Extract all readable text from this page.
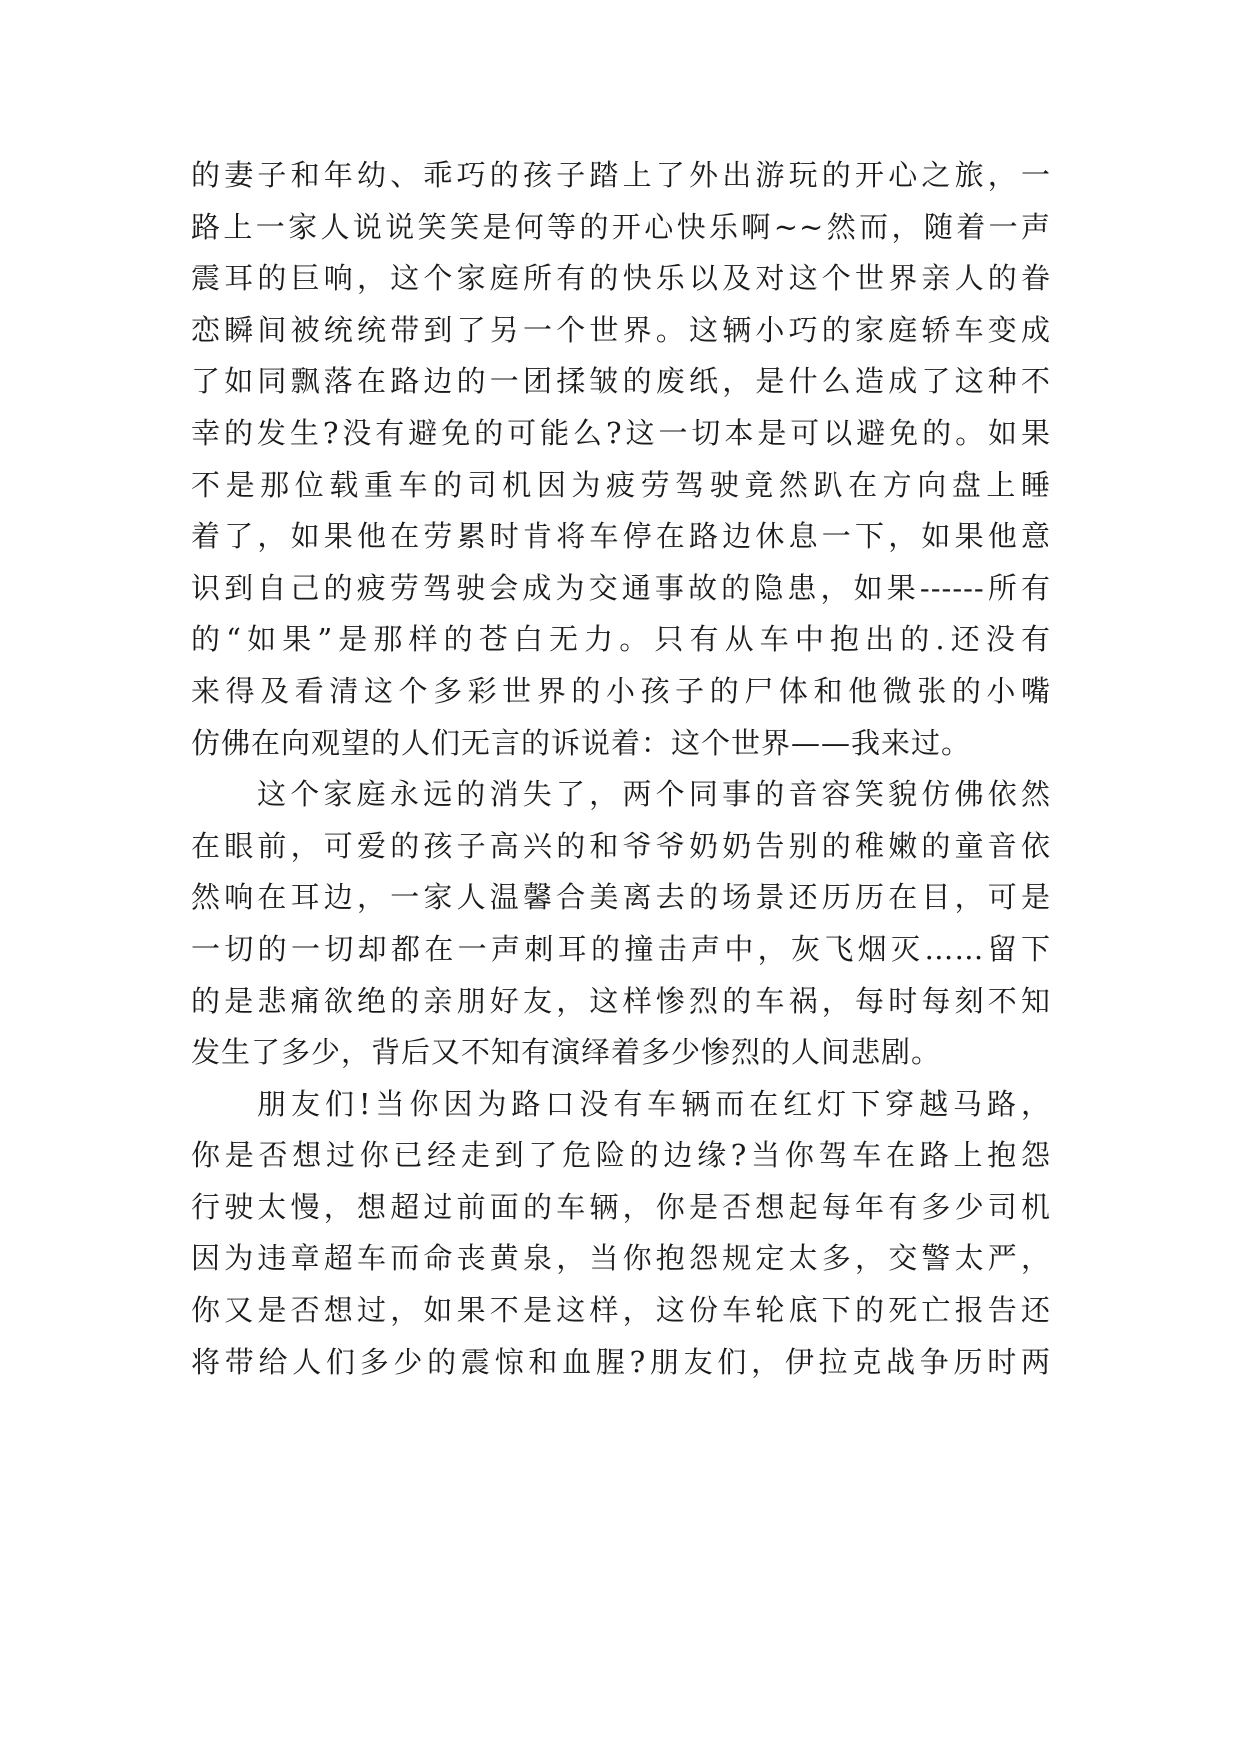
的妻子和年幼、乖巧的孩子踏上了外出游玩的开心之旅，一
路上一家人说说笑笑是何等的开心快乐啊~~然而，随着一声
震耳的巨响，这个家庭所有的快乐以及对这个世界亲人的眷
恋瞬间被统统带到了另一个世界。这辆小巧的家庭轿车变成
了如同飘落在路边的一团揉皱的废纸，是什么造成了这种不
幸的发生?没有避免的可能么?这一切本是可以避免的。如果
不是那位载重车的司机因为疲劳驾驶竟然趴在方向盘上睡
着了，如果他在劳累时肯将车停在路边休息一下，如果他意
识到自己的疲劳驾驶会成为交通事故的隐患，如果------所有
的“如果”是那样的苍白无力。只有从车中抱出的.还没有
来得及看清这个多彩世界的小孩子的尸体和他微张的小嘴
仿佛在向观望的人们无言的诉说着：这个世界——我来过。
这个家庭永远的消失了，两个同事的音容笑貌仿佛依然
在眼前，可爱的孩子高兴的和爷爷奶奶告别的稚嫩的童音依
然响在耳边，一家人温馨合美离去的场景还历历在目，可是
一切的一切却都在一声刺耳的撞击声中，灰飞烟灭……留下
的是悲痛欲绝的亲朋好友，这样惨烈的车祸，每时每刻不知
发生了多少，背后又不知有演绎着多少惨烈的人间悲剧。
朋友们!当你因为路口没有车辆而在红灯下穿越马路，
你是否想过你已经走到了危险的边缘?当你驾车在路上抱怨
行驶太慢，想超过前面的车辆，你是否想起每年有多少司机
因为违章超车而命丧黄泉，当你抱怨规定太多，交警太严，
你又是否想过，如果不是这样，这份车轮底下的死亡报告还
将带给人们多少的震惊和血腥?朋友们，伊拉克战争历时两
